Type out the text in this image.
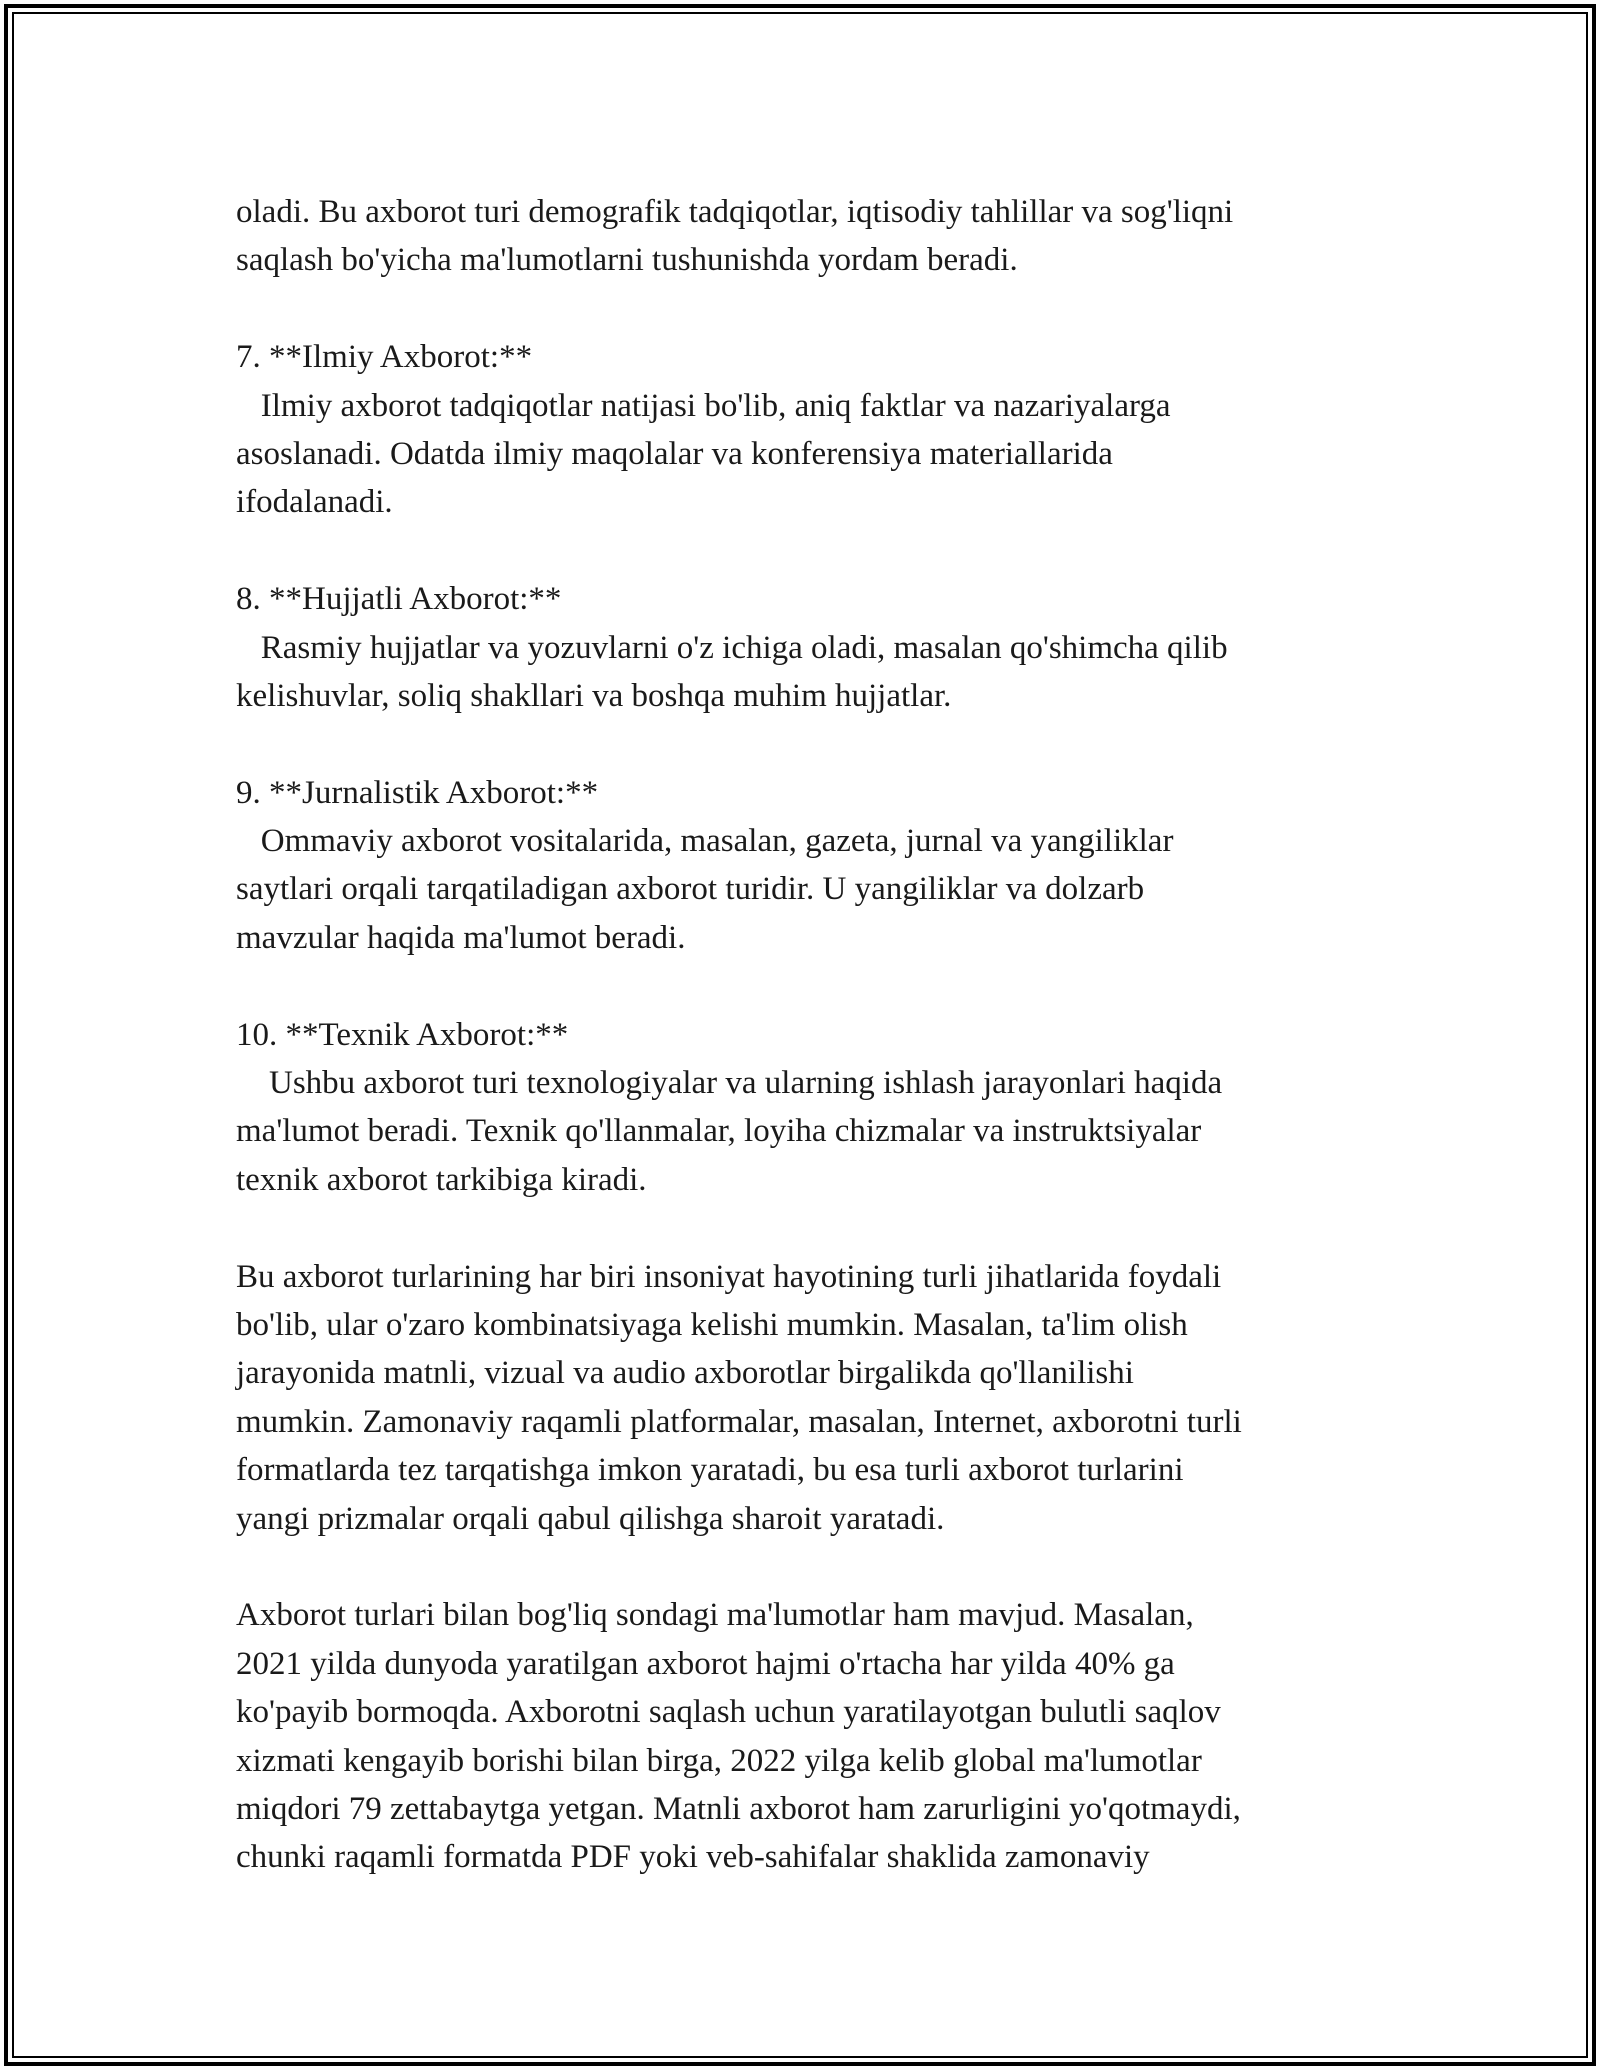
oladi. Bu axborot turi demografik tadqiqotlar, iqtisodiy tahlillar va sog'liqni
saqlash bo'yicha ma'lumotlarni tushunishda yordam beradi.
7. **Ilmiy Axborot:**
Ilmiy axborot tadqiqotlar natijasi bo'lib, aniq faktlar va nazariyalarga
asoslanadi. Odatda ilmiy maqolalar va konferensiya materiallarida
ifodalanadi.
8. **Hujjatli Axborot:**
Rasmiy hujjatlar va yozuvlarni o'z ichiga oladi, masalan qo'shimcha qilib
kelishuvlar, soliq shakllari va boshqa muhim hujjatlar.
9. **Jurnalistik Axborot:**
Ommaviy axborot vositalarida, masalan, gazeta, jurnal va yangiliklar
saytlari orqali tarqatiladigan axborot turidir. U yangiliklar va dolzarb
mavzular haqida ma'lumot beradi.
10. **Texnik Axborot:**
Ushbu axborot turi texnologiyalar va ularning ishlash jarayonlari haqida
ma'lumot beradi. Texnik qo'llanmalar, loyiha chizmalar va instruktsiyalar
texnik axborot tarkibiga kiradi.
Bu axborot turlarining har biri insoniyat hayotining turli jihatlarida foydali
bo'lib, ular o'zaro kombinatsiyaga kelishi mumkin. Masalan, ta'lim olish
jarayonida matnli, vizual va audio axborotlar birgalikda qo'llanilishi
mumkin. Zamonaviy raqamli platformalar, masalan, Internet, axborotni turli
formatlarda tez tarqatishga imkon yaratadi, bu esa turli axborot turlarini
yangi prizmalar orqali qabul qilishga sharoit yaratadi.
Axborot turlari bilan bog'liq sondagi ma'lumotlar ham mavjud. Masalan,
2021 yilda dunyoda yaratilgan axborot hajmi o'rtacha har yilda 40% ga
ko'payib bormoqda. Axborotni saqlash uchun yaratilayotgan bulutli saqlov
xizmati kengayib borishi bilan birga, 2022 yilga kelib global ma'lumotlar
miqdori 79 zettabaytga yetgan. Matnli axborot ham zarurligini yo'qotmaydi,
chunki raqamli formatda PDF yoki veb-sahifalar shaklida zamonaviy
